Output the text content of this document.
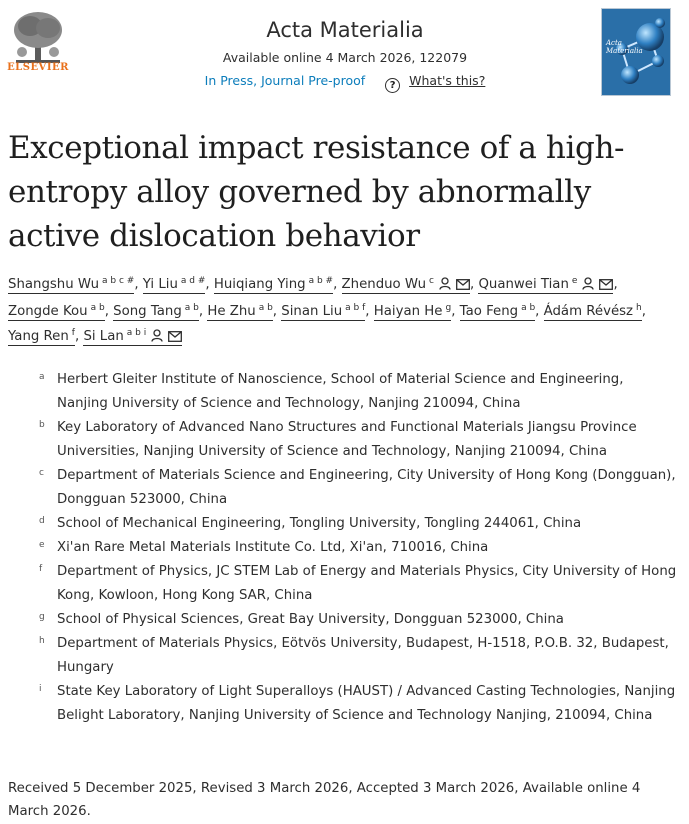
ELSEVIER
Acta Materialia
Available online 4 March 2026, 122079
In Press, Journal Pre-proof ? What's this?
Acta Materialia
Exceptional impact resistance of a high-entropy alloy governed by abnormally active dislocation behavior
Shangshu Wu $^{a b c \#}$, Yi Liu $^{a d \#}$, Huiqiang Ying $^{a b \#}$, Zhenduo Wu $^c$	, Quanwei Tian $^e$	, Zongde Kou $^{a b}$, Song Tang $^{a b}$, He Zhu $^{a b}$, Sinan Liu $^{a b f}$, Haiyan He $^g$, Tao Feng $^{a b}$, Ádám Révész $^h$, Yang Ren $^f$, Si Lan $^{a b i}$
a Herbert Gleiter Institute of Nanoscience, School of Material Science and Engineering, Nanjing University of Science and Technology, Nanjing 210094, China
b Key Laboratory of Advanced Nano Structures and Functional Materials Jiangsu Province Universities, Nanjing University of Science and Technology, Nanjing 210094, China
c Department of Materials Science and Engineering, City University of Hong Kong (Dongguan), Dongguan 523000, China
d School of Mechanical Engineering, Tongling University, Tongling 244061, China
e Xi'an Rare Metal Materials Institute Co. Ltd, Xi'an, 710016, China
f Department of Physics, JC STEM Lab of Energy and Materials Physics, City University of Hong Kong, Kowloon, Hong Kong SAR, China
g School of Physical Sciences, Great Bay University, Dongguan 523000, China
h Department of Materials Physics, Eötvös University, Budapest, H-1518, P.O.B. 32, Budapest, Hungary
i State Key Laboratory of Light Superalloys (HAUST) / Advanced Casting Technologies, Nanjing Belight Laboratory, Nanjing University of Science and Technology Nanjing, 210094, China
Received 5 December 2025, Revised 3 March 2026, Accepted 3 March 2026, Available online 4 March 2026.
